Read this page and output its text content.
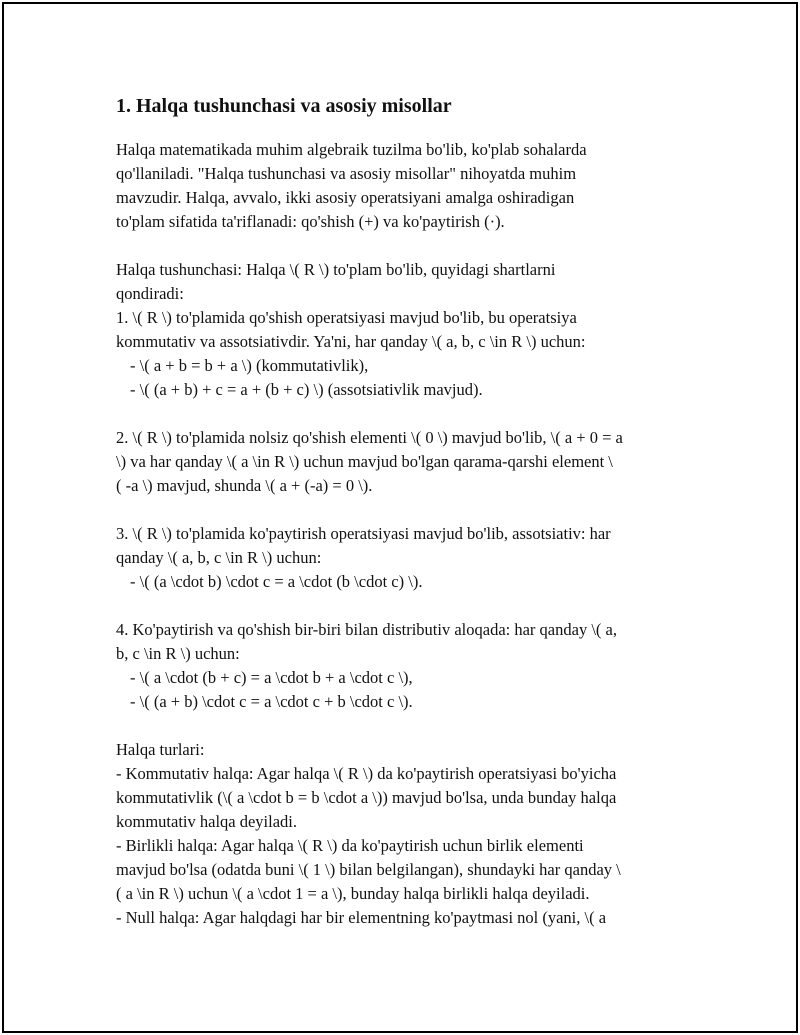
1. Halqa tushunchasi va asosiy misollar
Halqa matematikada muhim algebraik tuzilma bo'lib, ko'plab sohalarda
qo'llaniladi. "Halqa tushunchasi va asosiy misollar" nihoyatda muhim
mavzudir. Halqa, avvalo, ikki asosiy operatsiyani amalga oshiradigan
to'plam sifatida ta'riflanadi: qo'shish (+) va ko'paytirish (·).
Halqa tushunchasi: Halqa \( R \) to'plam bo'lib, quyidagi shartlarni
qondiradi:
1. \( R \) to'plamida qo'shish operatsiyasi mavjud bo'lib, bu operatsiya
kommutativ va assotsiativdir. Ya'ni, har qanday \( a, b, c \in R \) uchun:
- \( a + b = b + a \) (kommutativlik),
- \( (a + b) + c = a + (b + c) \) (assotsiativlik mavjud).
2. \( R \) to'plamida nolsiz qo'shish elementi \( 0 \) mavjud bo'lib, \( a + 0 = a
\) va har qanday \( a \in R \) uchun mavjud bo'lgan qarama-qarshi element \
( -a \) mavjud, shunda \( a + (-a) = 0 \).
3. \( R \) to'plamida ko'paytirish operatsiyasi mavjud bo'lib, assotsiativ: har
qanday \( a, b, c \in R \) uchun:
- \( (a \cdot b) \cdot c = a \cdot (b \cdot c) \).
4. Ko'paytirish va qo'shish bir-biri bilan distributiv aloqada: har qanday \( a,
b, c \in R \) uchun:
- \( a \cdot (b + c) = a \cdot b + a \cdot c \),
- \( (a + b) \cdot c = a \cdot c + b \cdot c \).
Halqa turlari:
- Kommutativ halqa: Agar halqa \( R \) da ko'paytirish operatsiyasi bo'yicha
kommutativlik (\( a \cdot b = b \cdot a \)) mavjud bo'lsa, unda bunday halqa
kommutativ halqa deyiladi.
- Birlikli halqa: Agar halqa \( R \) da ko'paytirish uchun birlik elementi
mavjud bo'lsa (odatda buni \( 1 \) bilan belgilangan), shundayki har qanday \
( a \in R \) uchun \( a \cdot 1 = a \), bunday halqa birlikli halqa deyiladi.
- Null halqa: Agar halqdagi har bir elementning ko'paytmasi nol (yani, \( a
